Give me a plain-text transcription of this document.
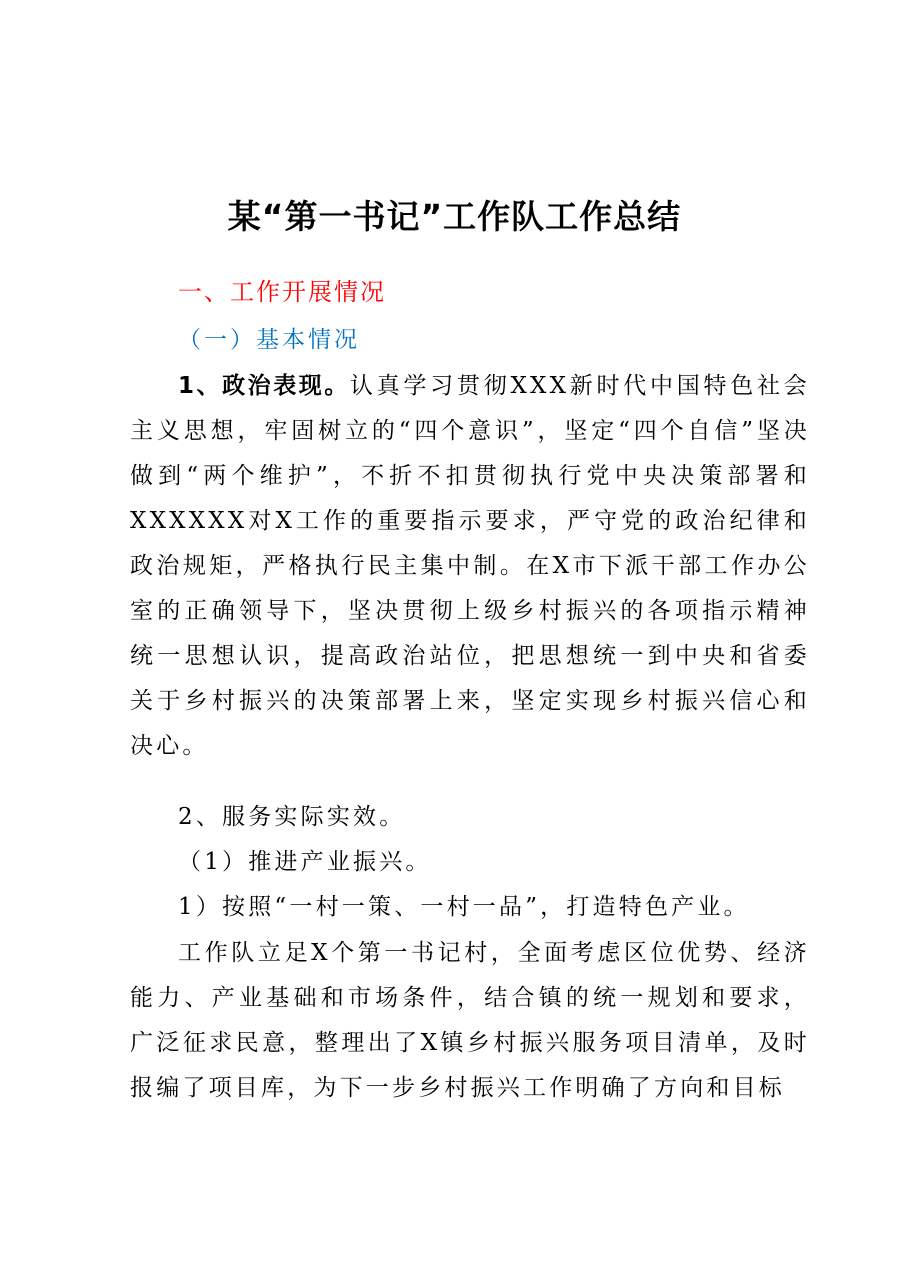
某“第一书记”工作队工作总结
一、工作开展情况
（一）基本情况

1、政治表现。认真学习贯彻XXX新时代中国特色社会主义思想，牢固树立的“四个意识”，坚定“四个自信”坚决做到“两个维护”，不折不扣贯彻执行党中央决策部署和XXXXXX对X工作的重要指示要求，严守党的政治纪律和政治规矩，严格执行民主集中制。在X市下派干部工作办公室的正确领导下，坚决贯彻上级乡村振兴的各项指示精神统一思想认识，提高政治站位，把思想统一到中央和省委关于乡村振兴的决策部署上来，坚定实现乡村振兴信心和决心。

2、服务实际实效。

（1）推进产业振兴。

1）按照“一村一策、一村一品”，打造特色产业。

工作队立足X个第一书记村，全面考虑区位优势、经济能力、产业基础和市场条件，结合镇的统一规划和要求，广泛征求民意，整理出了X镇乡村振兴服务项目清单，及时报编了项目库，为下一步乡村振兴工作明确了方向和目标
